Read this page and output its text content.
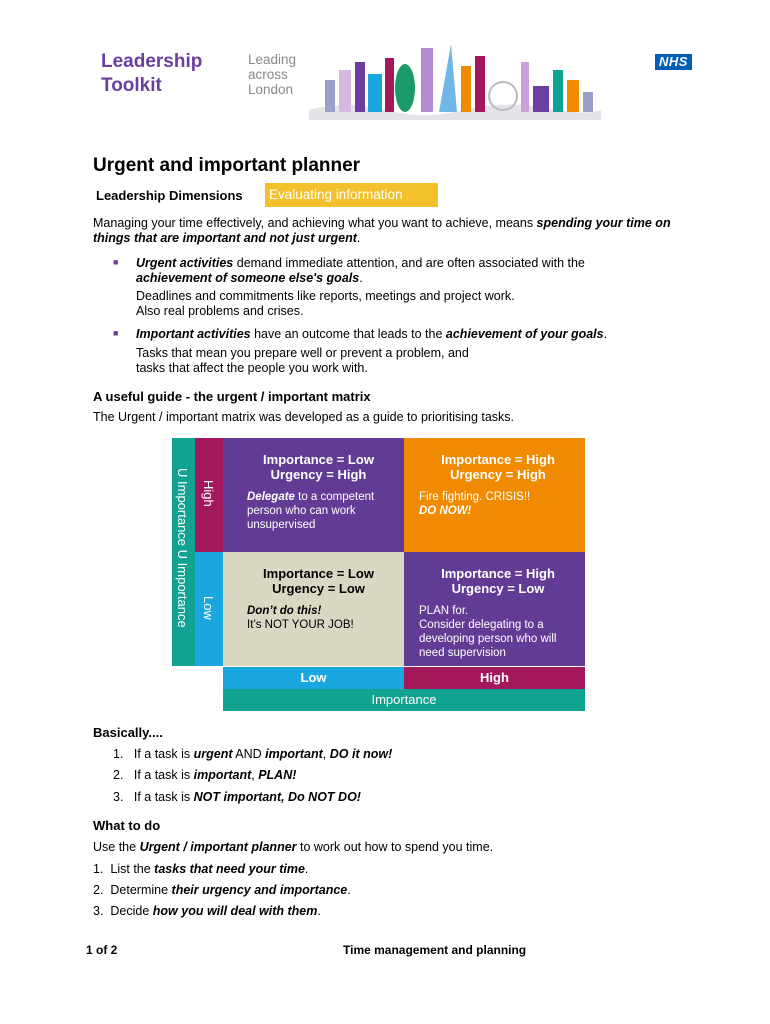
Leadership
Toolkit
Leading
across
London
NHS
Urgent and important planner
Leadership Dimensions Evaluating information
Managing your time effectively, and achieving what you want to achieve, means spending your time on things that are important and not just urgent.
■ Urgent activities demand immediate attention, and are often associated with the achievement of someone else's goals.
Deadlines and commitments like reports, meetings and project work.
Also real problems and crises.
■ Important activities have an outcome that leads to the achievement of your goals.
Tasks that mean you prepare well or prevent a problem, and
tasks that affect the people you work with.
A useful guide - the urgent / important matrix
The Urgent / important matrix was developed as a guide to prioritising tasks.
U Importance U Importance High
Low
Importance = Low
Urgency = High
Delegate to a competent person who can work unsupervised
Importance = High
Urgency = High
Fire fighting. CRISIS!!
DO NOW!
Importance = Low
Urgency = Low
Don’t do this!
It’s NOT YOUR JOB!
Importance = High
Urgency = Low
PLAN for.
Consider delegating to a developing person who will need supervision
Low	High
Importance
Basically....
1. If a task is urgent AND important, DO it now!
2. If a task is important, PLAN!
3. If a task is NOT important, Do NOT DO!
What to do
Use the Urgent / important planner to work out how to spend you time.
1. List the tasks that need your time.
2. Determine their urgency and importance.
3. Decide how you will deal with them.
1 of 2	Time management and planning
